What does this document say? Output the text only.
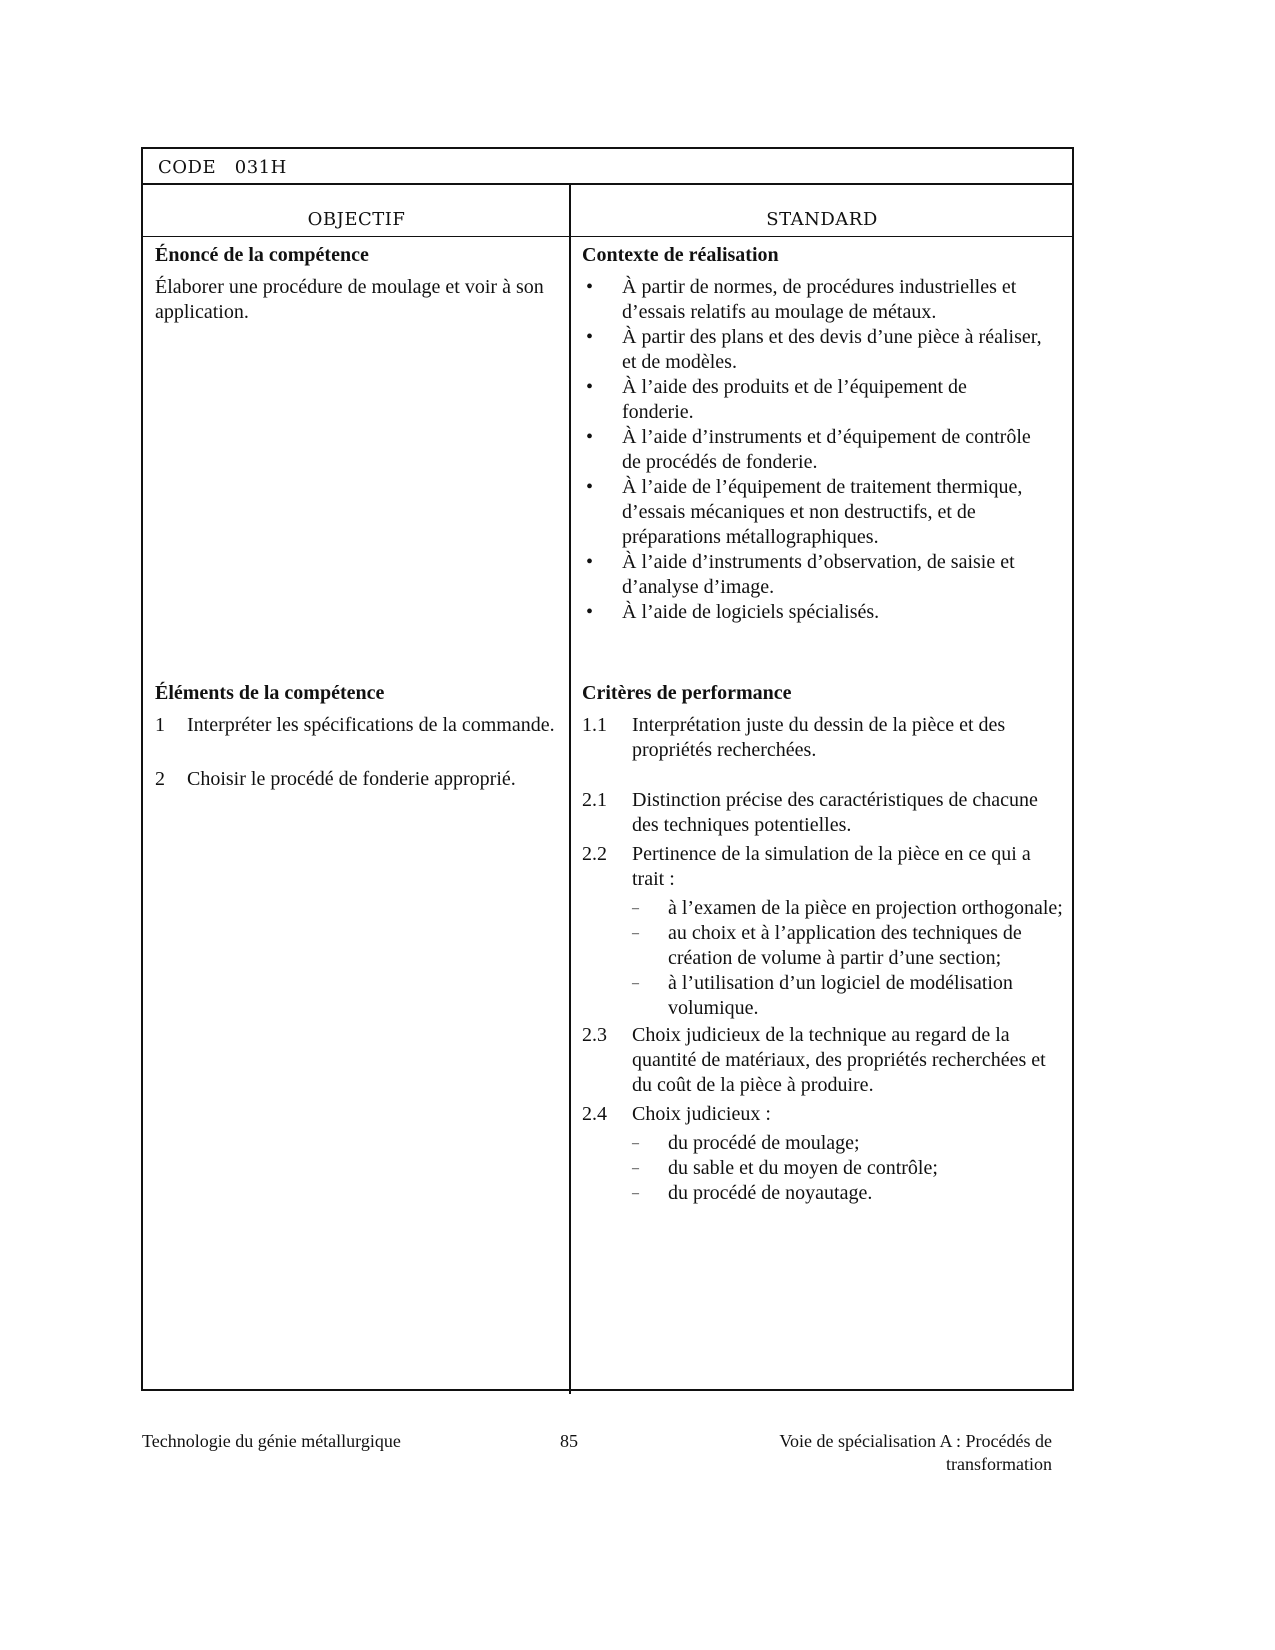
CODE 031H
OBJECTIF	STANDARD
Énoncé de la compétence
Élaborer une procédure de moulage et voir à son application.
Contexte de réalisation
•	À partir de normes, de procédures industrielles et d’essais relatifs au moulage de métaux.
•	À partir des plans et des devis d’une pièce à réaliser, et de modèles.
•	À l’aide des produits et de l’équipement de fonderie.
•	À l’aide d’instruments et d’équipement de contrôle de procédés de fonderie.
•	À l’aide de l’équipement de traitement thermique, d’essais mécaniques et non destructifs, et de préparations métallographiques.
•	À l’aide d’instruments d’observation, de saisie et d’analyse d’image.
•	À l’aide de logiciels spécialisés.
Éléments de la compétence
1	Interpréter les spécifications de la commande.
2	Choisir le procédé de fonderie approprié.
Critères de performance
1.1	Interprétation juste du dessin de la pièce et des propriétés recherchées.
2.1	Distinction précise des caractéristiques de chacune des techniques potentielles.
2.2	Pertinence de la simulation de la pièce en ce qui a trait :
–	à l’examen de la pièce en projection orthogonale;
–	au choix et à l’application des techniques de création de volume à partir d’une section;
–	à l’utilisation d’un logiciel de modélisation volumique.
2.3	Choix judicieux de la technique au regard de la quantité de matériaux, des propriétés recherchées et du coût de la pièce à produire.
2.4	Choix judicieux :
–	du procédé de moulage;
–	du sable et du moyen de contrôle;
–	du procédé de noyautage.
Technologie du génie métallurgique	85	Voie de spécialisation A : Procédés de transformation
